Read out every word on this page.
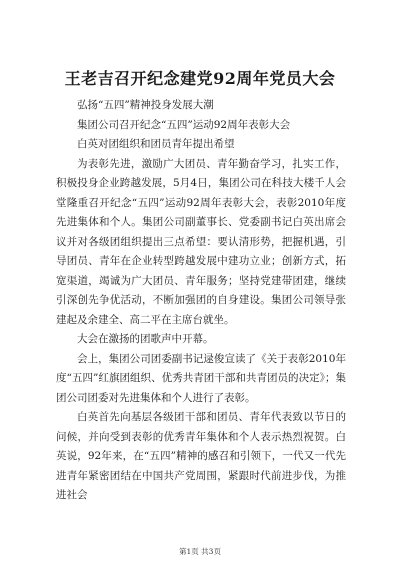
王老吉召开纪念建党92周年党员大会

弘扬“五四”精神投身发展大潮

集团公司召开纪念“五四”运动92周年表彰大会

白英对团组织和团员青年提出希望

为表彰先进，激励广大团员、青年勤奋学习，扎实工作，积极投身企业跨越发展，5月4日，集团公司在科技大楼千人会堂隆重召开纪念“五四”运动92周年表彰大会，表彰2010年度先进集体和个人。集团公司副董事长、党委副书记白英出席会议并对各级团组织提出三点希望：要认清形势，把握机遇，引导团员、青年在企业转型跨越发展中建功立业；创新方式，拓宽渠道，竭诚为广大团员、青年服务；坚持党建带团建，继续引深创先争优活动，不断加强团的自身建设。集团公司领导张建起及余建全、高二平在主席台就坐。

大会在激扬的团歌声中开幕。

会上，集团公司团委副书记逯俊宣读了《关于表彰2010年度“五四”红旗团组织、优秀共青团干部和共青团员的决定》；集团公司团委对先进集体和个人进行了表彰。

白英首先向基层各级团干部和团员、青年代表致以节日的问候，并向受到表彰的优秀青年集体和个人表示热烈祝贺。白英说，92年来，在“五四”精神的感召和引领下，一代又一代先进青年紧密团结在中国共产党周围，紧跟时代前进步伐，为推进社会

第1页 共3页
